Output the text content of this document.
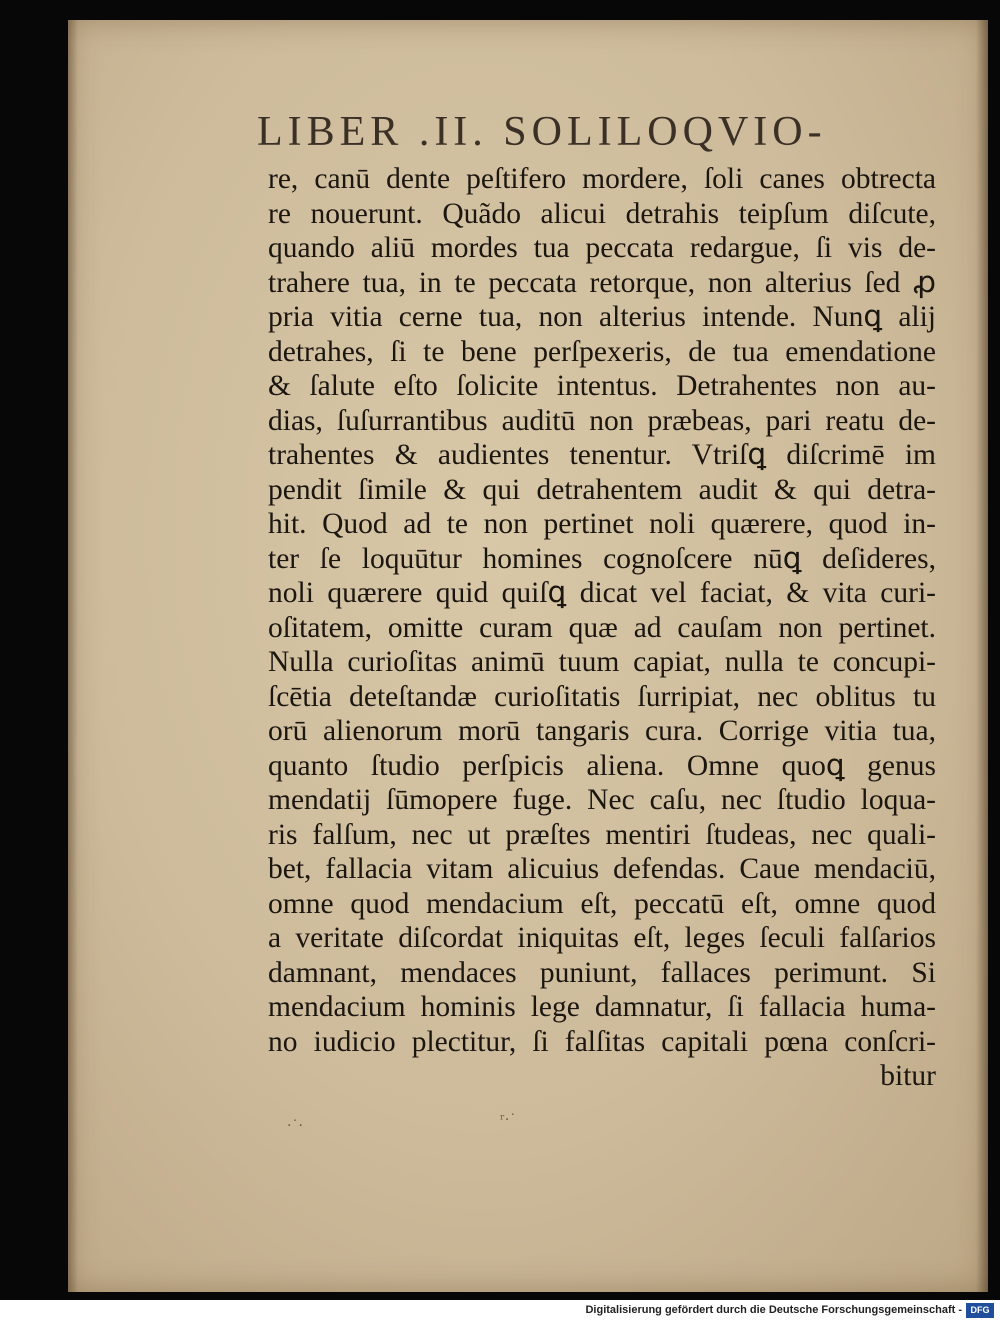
LIBER .II. SOLILOQVIO-
re, canū dente peſtifero mordere, ſoli canes obtrecta
re nouerunt. Quãdo alicui detrahis teipſum diſcute,
quando aliū mordes tua peccata redargue, ſi vis de-
trahere tua, in te peccata retorque, non alterius ſed ꝓ
pria vitia cerne tua, non alterius intende. Nunꝗ alij
detrahes, ſi te bene perſpexeris, de tua emendatione
& ſalute eſto ſolicite intentus. Detrahentes non au-
dias, ſuſurrantibus auditū non præbeas, pari reatu de-
trahentes & audientes tenentur. Vtriſꝗ diſcrimē im
pendit ſimile & qui detrahentem audit & qui detra-
hit. Quod ad te non pertinet noli quærere, quod in-
ter ſe loquūtur homines cognoſcere nūꝗ deſideres,
noli quærere quid quiſꝗ dicat vel faciat, & vita curi-
oſitatem, omitte curam quæ ad cauſam non pertinet.
Nulla curioſitas animū tuum capiat, nulla te concupi-
ſcētia deteſtandæ curioſitatis ſurripiat, nec oblitus tu
orū alienorum morū tangaris cura. Corrige vitia tua,
quanto ſtudio perſpicis aliena. Omne quoꝗ genus
mendatij ſūmopere fuge. Nec caſu, nec ſtudio loqua-
ris falſum, nec ut præſtes mentiri ſtudeas, nec quali-
bet, fallacia vitam alicuius defendas. Caue mendaciū,
omne quod mendacium eſt, peccatū eſt, omne quod
a veritate diſcordat iniquitas eſt, leges ſeculi falſarios
damnant, mendaces puniunt, fallaces perimunt. Si
mendacium hominis lege damnatur, ſi fallacia huma-
no iudicio plectitur, ſi falſitas capitali pœna conſcri-
bitur
·˙·	ʳ·˙
Digitalisierung gefördert durch die Deutsche Forschungsgemeinschaft - DFG
